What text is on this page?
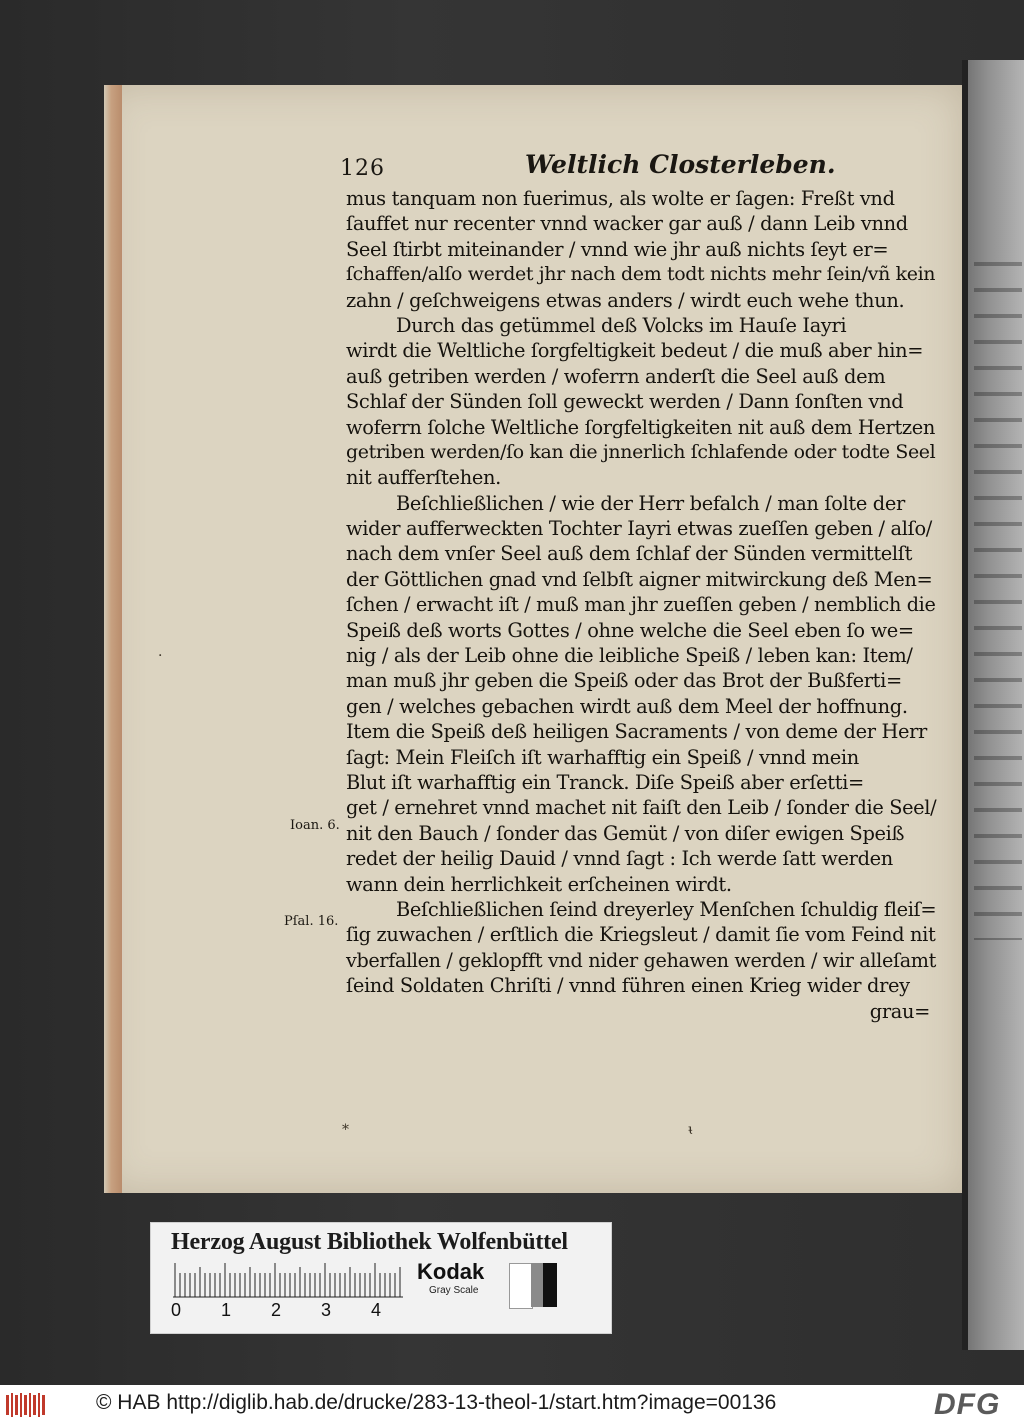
126	Weltlich Closterleben.
mus tanquam non fuerimus, als wolte er ſagen: Freßt vnd
ſauffet nur recenter vnnd wacker gar auß / dann Leib vnnd
Seel ſtirbt miteinander / vnnd wie jhr auß nichts ſeyt er=
ſchaffen/alſo werdet jhr nach dem todt nichts mehr ſein/vñ kein
zahn / geſchweigens etwas anders / wirdt euch wehe thun.
Durch das getümmel deß Volcks im Hauſe Iayri
wirdt die Weltliche ſorgfeltigkeit bedeut / die muß aber hin=
auß getriben werden / woferrn anderſt die Seel auß dem
Schlaf der Sünden ſoll geweckt werden / Dann ſonſten vnd
woferrn ſolche Weltliche ſorgfeltigkeiten nit auß dem Hertzen
getriben werden/ſo kan die jnnerlich ſchlafende oder todte Seel
nit aufferſtehen.
Beſchließlichen / wie der Herr befalch / man ſolte der
wider aufferweckten Tochter Iayri etwas zueſſen geben / alſo/
nach dem vnſer Seel auß dem ſchlaf der Sünden vermittelſt
der Göttlichen gnad vnd ſelbſt aigner mitwirckung deß Men=
ſchen / erwacht iſt / muß man jhr zueſſen geben / nemblich die
Speiß deß worts Gottes / ohne welche die Seel eben ſo we=
nig / als der Leib ohne die leibliche Speiß / leben kan: Item/
man muß jhr geben die Speiß oder das Brot der Bußferti=
gen / welches gebachen wirdt auß dem Meel der hoffnung.
Item die Speiß deß heiligen Sacraments / von deme der Herr
ſagt: Mein Fleiſch iſt warhafftig ein Speiß / vnnd mein
Blut iſt warhafftig ein Tranck. Diſe Speiß aber erſetti=
get / ernehret vnnd machet nit faiſt den Leib / ſonder die Seel/
nit den Bauch / ſonder das Gemüt / von diſer ewigen Speiß
redet der heilig Dauid / vnnd ſagt : Ich werde ſatt werden
wann dein herrlichkeit erſcheinen wirdt.
Beſchließlichen ſeind dreyerley Menſchen ſchuldig fleiſ=
ſig zuwachen / erſtlich die Kriegsleut / damit ſie vom Feind nit
vberfallen / geklopfft vnd nider gehawen werden / wir alleſamt
ſeind Soldaten Chriſti / vnnd führen einen Krieg wider drey
grau=
Ioan. 6.
Pſal. 16.
·
*	ᵼ
Herzog August Bibliothek Wolfenbüttel
0 1 2 3 4
Kodak
Gray Scale
© HAB http://diglib.hab.de/drucke/283-13-theol-1/start.htm?image=00136	DFG
